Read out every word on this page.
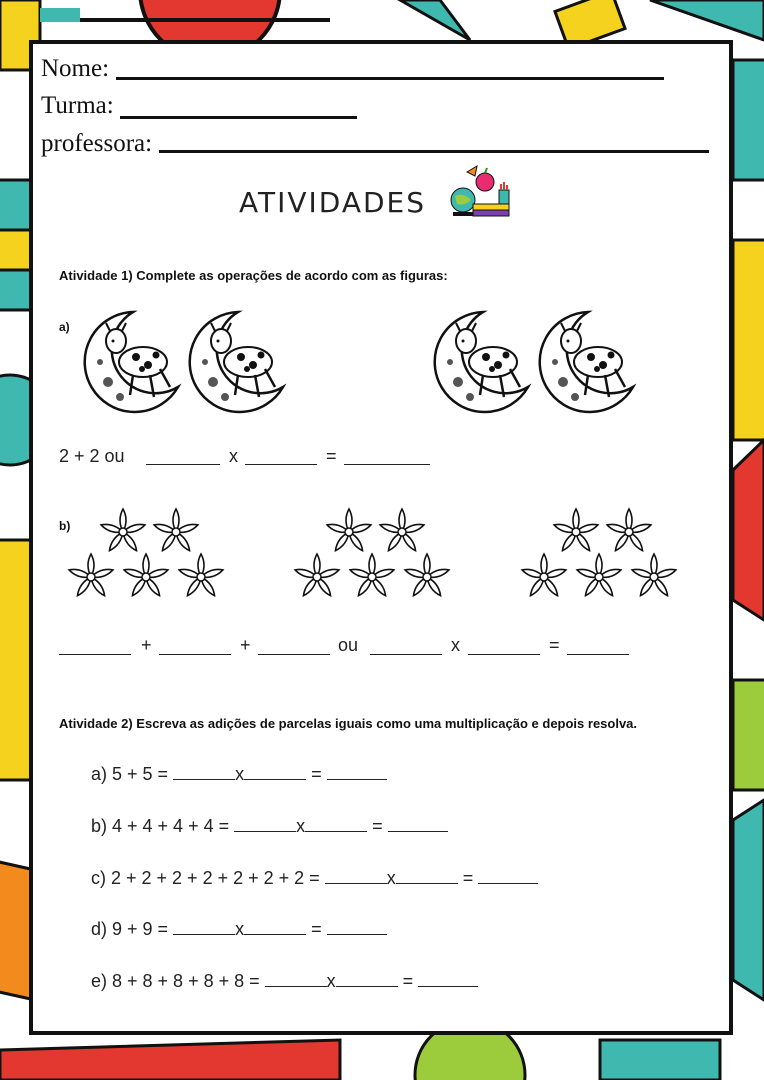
Nome:
Turma:
professora:
ATIVIDADES
Atividade 1) Complete as operações de acordo com as figuras:
a)
2 + 2 ou	x	=
b)
+	+	ou	x	=
Atividade 2) Escreva as adições de parcelas iguais como uma multiplicação e depois resolva.
a) 5 + 5 =	x	=
b) 4 + 4 + 4 + 4 =	x	=
c) 2 + 2 + 2 + 2 + 2 + 2 + 2 =	x	=
d) 9 + 9 =	x	=
e) 8 + 8 + 8 + 8 + 8 =	x	=
